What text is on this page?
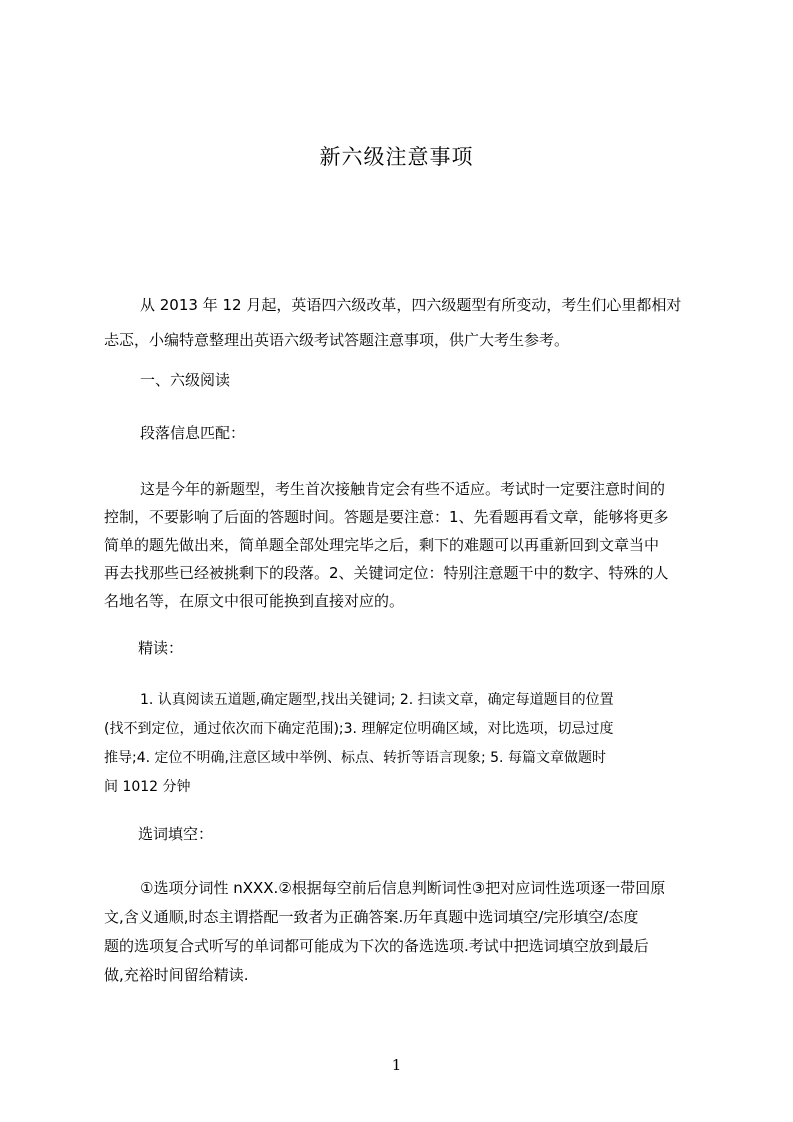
新六级注意事项
从 2013 年 12 月起，英语四六级改革，四六级题型有所变动，考生们心里都相对
忐忑，小编特意整理出英语六级考试答题注意事项，供广大考生参考。
一、六级阅读
段落信息匹配：
这是今年的新题型，考生首次接触肯定会有些不适应。考试时一定要注意时间的
控制，不要影响了后面的答题时间。答题是要注意：1、先看题再看文章，能够将更多
简单的题先做出来，简单题全部处理完毕之后，剩下的难题可以再重新回到文章当中
再去找那些已经被挑剩下的段落。2、关键词定位：特别注意题干中的数字、特殊的人
名地名等，在原文中很可能换到直接对应的。
精读：
1. 认真阅读五道题,确定题型,找出关键词; 2. 扫读文章，确定每道题目的位置
(找不到定位，通过依次而下确定范围);3. 理解定位明确区域，对比选项，切忌过度
推导;4. 定位不明确,注意区域中举例、标点、转折等语言现象; 5. 每篇文章做题时
间 1012 分钟
选词填空：
①选项分词性 nXXX.②根据每空前后信息判断词性③把对应词性选项逐一带回原
文,含义通顺,时态主谓搭配一致者为正确答案.历年真题中选词填空/完形填空/态度
题的选项复合式听写的单词都可能成为下次的备选选项.考试中把选词填空放到最后
做,充裕时间留给精读.
1
